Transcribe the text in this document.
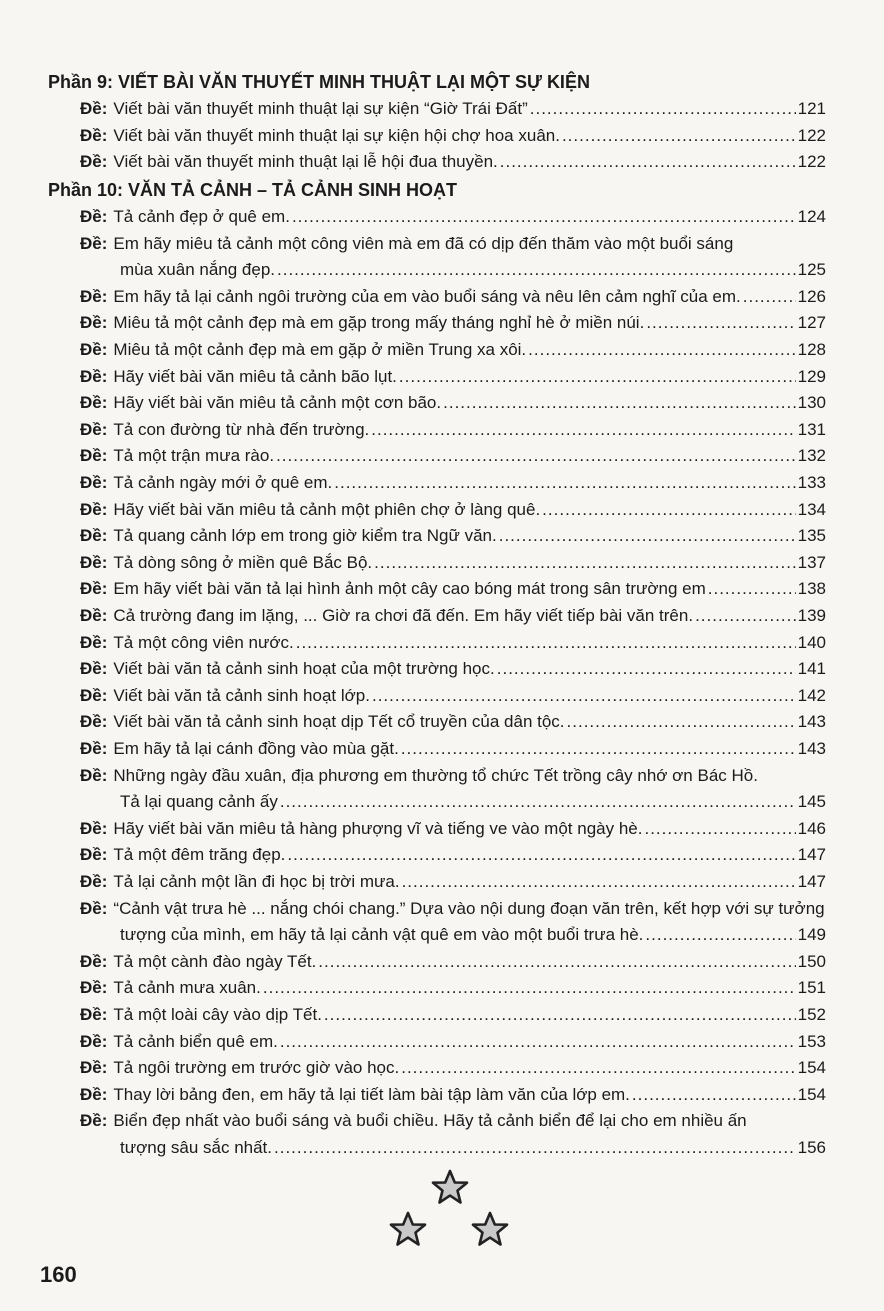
Phần 9: VIẾT BÀI VĂN THUYẾT MINH THUẬT LẠI MỘT SỰ KIỆN
Đề: Viết bài văn thuyết minh thuật lại sự kiện “Giờ Trái Đất” .....	121
Đề: Viết bài văn thuyết minh thuật lại sự kiện hội chợ hoa xuân. .....	122
Đề: Viết bài văn thuyết minh thuật lại lễ hội đua thuyền. .....	122
Phần 10: VĂN TẢ CẢNH – TẢ CẢNH SINH HOẠT
Đề: Tả cảnh đẹp ở quê em. .....	124
Đề: Em hãy miêu tả cảnh một công viên mà em đã có dịp đến thăm vào một buổi sáng
mùa xuân nắng đẹp. .....	125
Đề: Em hãy tả lại cảnh ngôi trường của em vào buổi sáng và nêu lên cảm nghĩ của em. .....	126
Đề: Miêu tả một cảnh đẹp mà em gặp trong mấy tháng nghỉ hè ở miền núi. .....	127
Đề: Miêu tả một cảnh đẹp mà em gặp ở miền Trung xa xôi. .....	128
Đề: Hãy viết bài văn miêu tả cảnh bão lụt. .....	129
Đề: Hãy viết bài văn miêu tả cảnh một cơn bão. .....	130
Đề: Tả con đường từ nhà đến trường. .....	131
Đề: Tả một trận mưa rào. .....	132
Đề: Tả cảnh ngày mới ở quê em. .....	133
Đề: Hãy viết bài văn miêu tả cảnh một phiên chợ ở làng quê. .....	134
Đề: Tả quang cảnh lớp em trong giờ kiểm tra Ngữ văn. .....	135
Đề: Tả dòng sông ở miền quê Bắc Bộ. .....	137
Đề: Em hãy viết bài văn tả lại hình ảnh một cây cao bóng mát trong sân trường em .....	138
Đề: Cả trường đang im lặng, ... Giờ ra chơi đã đến. Em hãy viết tiếp bài văn trên. .....	139
Đề: Tả một công viên nước. .....	140
Đề: Viết bài văn tả cảnh sinh hoạt của một trường học. .....	141
Đề: Viết bài văn tả cảnh sinh hoạt lớp. .....	142
Đề: Viết bài văn tả cảnh sinh hoạt dịp Tết cổ truyền của dân tộc. .....	143
Đề: Em hãy tả lại cánh đồng vào mùa gặt. .....	143
Đề: Những ngày đầu xuân, địa phương em thường tổ chức Tết trồng cây nhớ ơn Bác Hồ.
Tả lại quang cảnh ấy .....	145
Đề: Hãy viết bài văn miêu tả hàng phượng vĩ và tiếng ve vào một ngày hè. .....	146
Đề: Tả một đêm trăng đẹp. .....	147
Đề: Tả lại cảnh một lần đi học bị trời mưa. .....	147
Đề: “Cảnh vật trưa hè ... nắng chói chang.” Dựa vào nội dung đoạn văn trên, kết hợp với sự tưởng
tượng của mình, em hãy tả lại cảnh vật quê em vào một buổi trưa hè. .....	149
Đề: Tả một cành đào ngày Tết. .....	150
Đề: Tả cảnh mưa xuân. .....	151
Đề: Tả một loài cây vào dịp Tết. .....	152
Đề: Tả cảnh biển quê em. .....	153
Đề: Tả ngôi trường em trước giờ vào học. .....	154
Đề: Thay lời bảng đen, em hãy tả lại tiết làm bài tập làm văn của lớp em. .....	154
Đề: Biển đẹp nhất vào buổi sáng và buổi chiều. Hãy tả cảnh biển để lại cho em nhiều ấn
tượng sâu sắc nhất. .....	156
160
